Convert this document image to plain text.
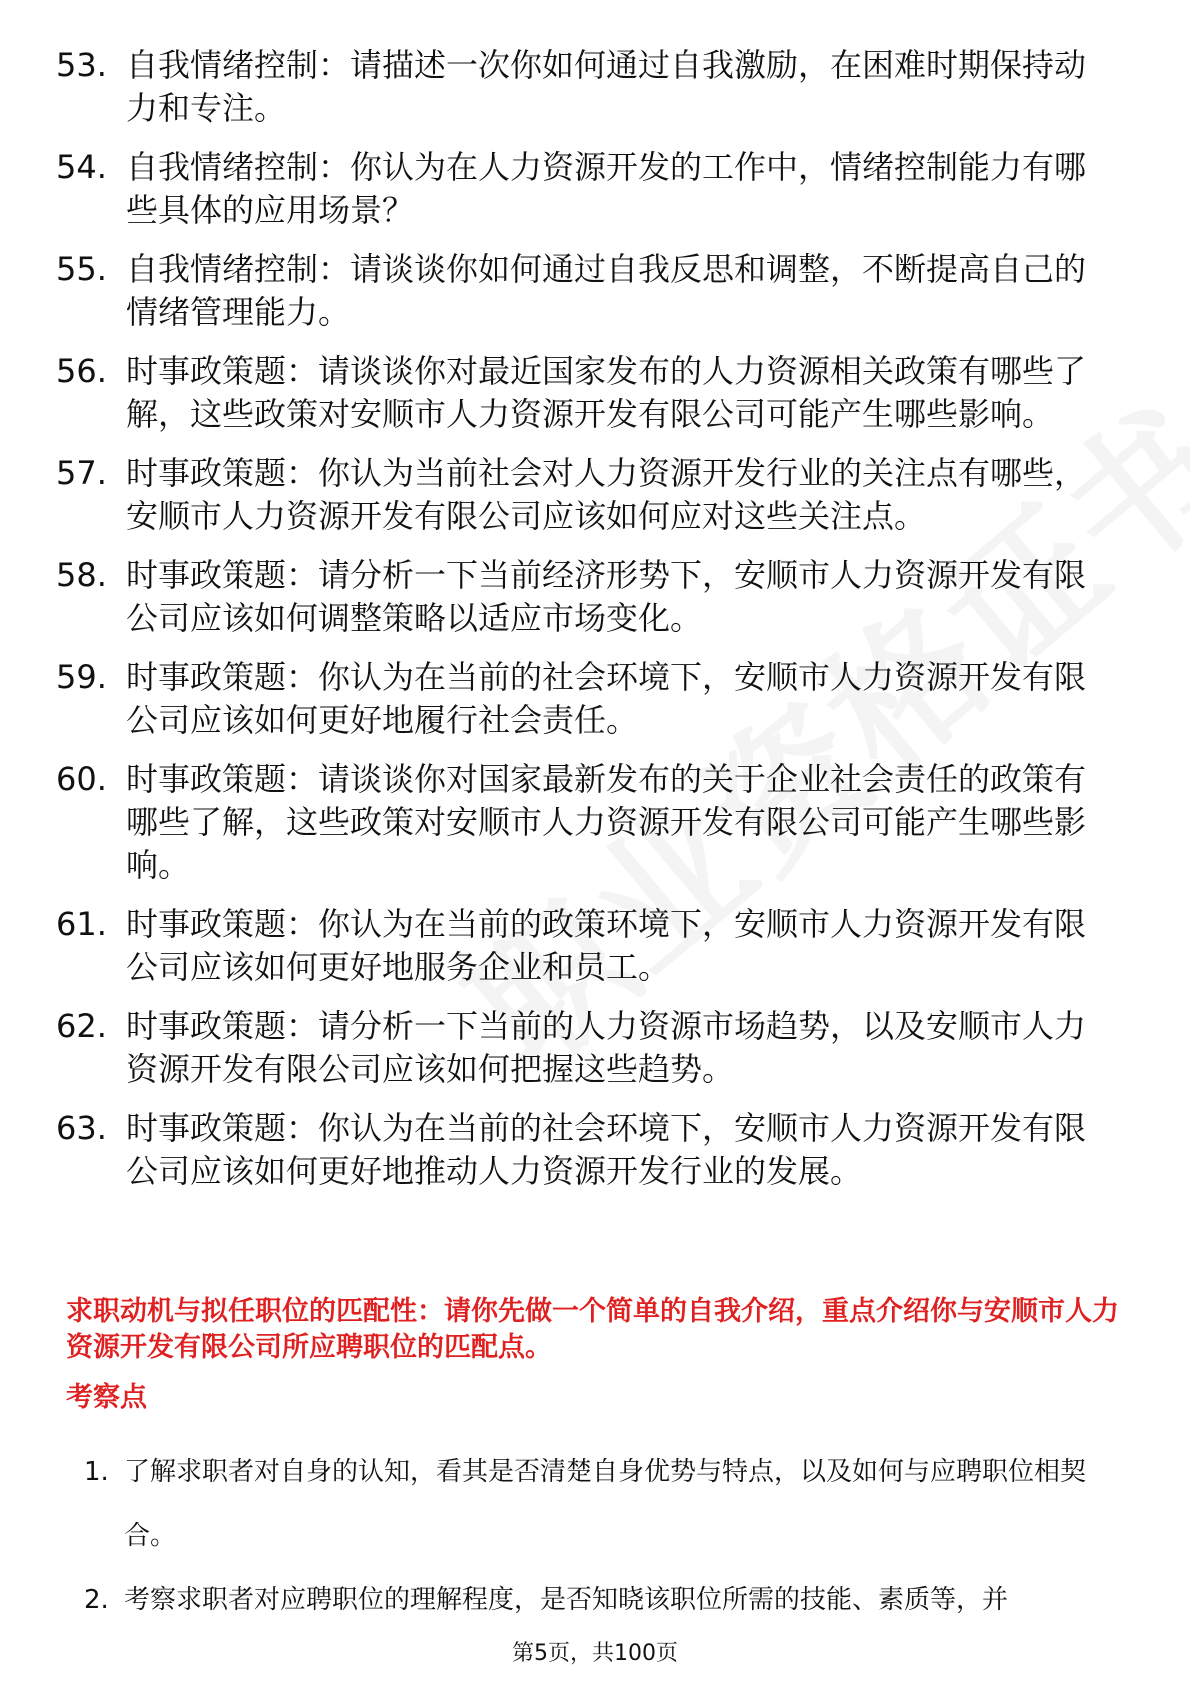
53. 自我情绪控制：请描述一次你如何通过自我激励，在困难时期保持动力和专注。
54. 自我情绪控制：你认为在人力资源开发的工作中，情绪控制能力有哪些具体的应用场景？
55. 自我情绪控制：请谈谈你如何通过自我反思和调整，不断提高自己的情绪管理能力。
56. 时事政策题：请谈谈你对最近国家发布的人力资源相关政策有哪些了解，这些政策对安顺市人力资源开发有限公司可能产生哪些影响。
57. 时事政策题：你认为当前社会对人力资源开发行业的关注点有哪些，安顺市人力资源开发有限公司应该如何应对这些关注点。
58. 时事政策题：请分析一下当前经济形势下，安顺市人力资源开发有限公司应该如何调整策略以适应市场变化。
59. 时事政策题：你认为在当前的社会环境下，安顺市人力资源开发有限公司应该如何更好地履行社会责任。
60. 时事政策题：请谈谈你对国家最新发布的关于企业社会责任的政策有哪些了解，这些政策对安顺市人力资源开发有限公司可能产生哪些影响。
61. 时事政策题：你认为在当前的政策环境下，安顺市人力资源开发有限公司应该如何更好地服务企业和员工。
62. 时事政策题：请分析一下当前的人力资源市场趋势，以及安顺市人力资源开发有限公司应该如何把握这些趋势。
63. 时事政策题：你认为在当前的社会环境下，安顺市人力资源开发有限公司应该如何更好地推动人力资源开发行业的发展。
求职动机与拟任职位的匹配性：请你先做一个简单的自我介绍，重点介绍你与安顺市人力资源开发有限公司所应聘职位的匹配点。
考察点
1. 了解求职者对自身的认知，看其是否清楚自身优势与特点，以及如何与应聘职位相契合。
2. 考察求职者对应聘职位的理解程度，是否知晓该职位所需的技能、素质等，并
第5页，共100页
